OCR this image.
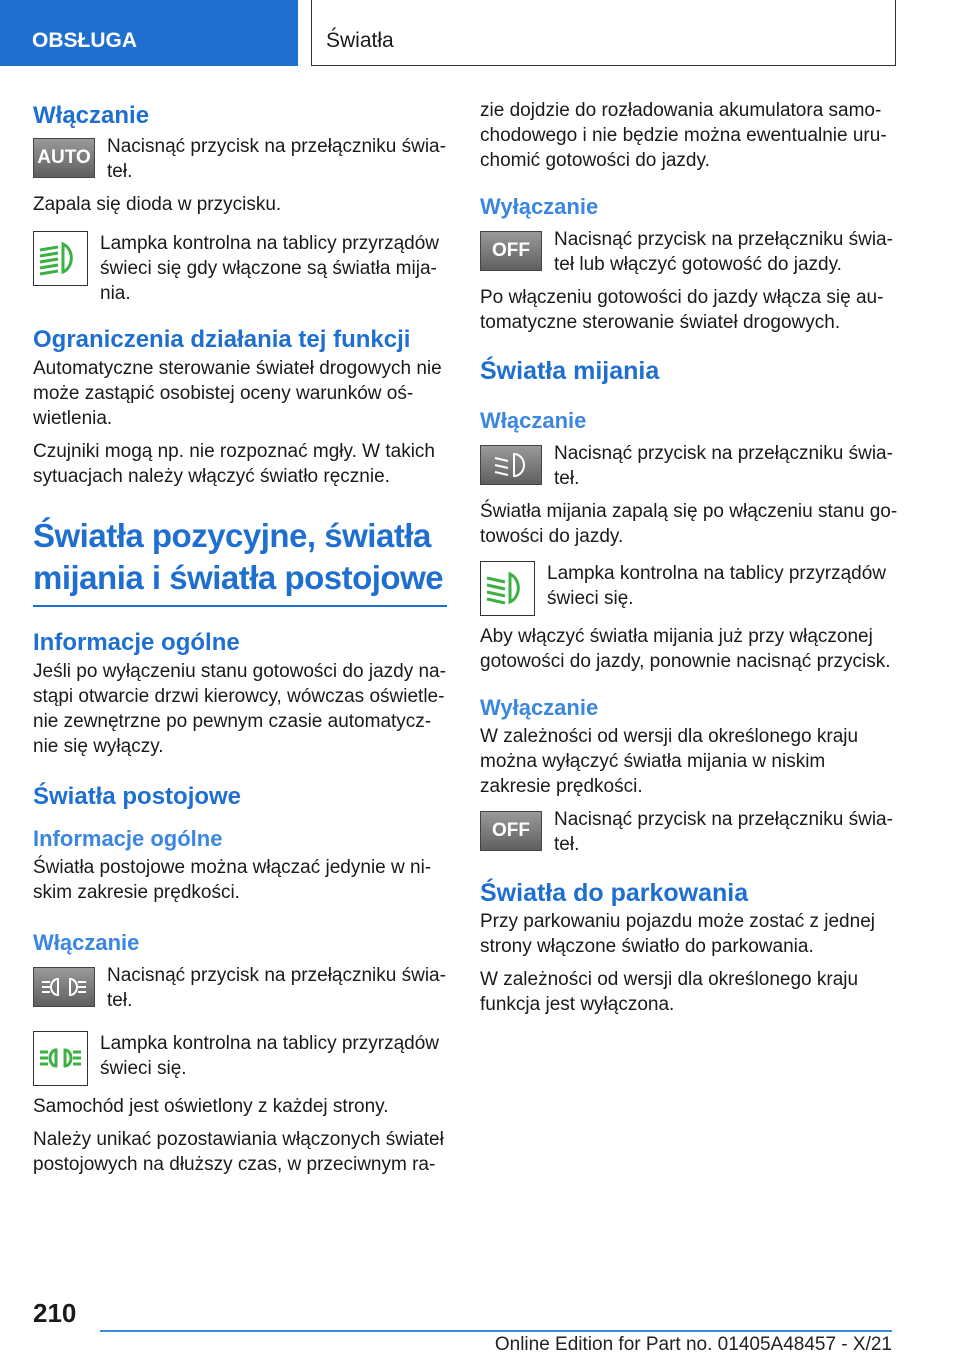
OBSŁUGA	Światła
Włączanie
AUTO

Nacisnąć przycisk na przełączniku świa-teł.

Zapala się dioda w przycisku.

Lampka kontrolna na tablicy przyrządów świeci się gdy włączone są światła mija-nia.

Ograniczenia działania tej funkcji

Automatyczne sterowanie świateł drogowych nie może zastąpić osobistej oceny warunków oś-wietlenia.

Czujniki mogą np. nie rozpoznać mgły. W takich sytuacjach należy włączyć światło ręcznie.

Światła pozycyjne, światła mijania i światła postojowe
Informacje ogólne

Jeśli po wyłączeniu stanu gotowości do jazdy na-stąpi otwarcie drzwi kierowcy, wówczas oświetle-nie zewnętrzne po pewnym czasie automatycz-nie się wyłączy.

Światła postojowe
Informacje ogólne

Światła postojowe można włączać jedynie w ni-skim zakresie prędkości.

Włączanie

Nacisnąć przycisk na przełączniku świa-teł.

Lampka kontrolna na tablicy przyrządów świeci się.

Samochód jest oświetlony z każdej strony.

Należy unikać pozostawiania włączonych świateł postojowych na dłuższy czas, w przeciwnym ra-

zie dojdzie do rozładowania akumulatora samo-chodowego i nie będzie można ewentualnie uru-chomić gotowości do jazdy.

Wyłączanie
OFF

Nacisnąć przycisk na przełączniku świa-teł lub włączyć gotowość do jazdy.

Po włączeniu gotowości do jazdy włącza się au-tomatyczne sterowanie świateł drogowych.

Światła mijania
Włączanie

Nacisnąć przycisk na przełączniku świa-teł.

Światła mijania zapalą się po włączeniu stanu go-towości do jazdy.

Lampka kontrolna na tablicy przyrządów świeci się.

Aby włączyć światła mijania już przy włączonej gotowości do jazdy, ponownie nacisnąć przycisk.

Wyłączanie

W zależności od wersji dla określonego kraju można wyłączyć światła mijania w niskim zakresie prędkości.

OFF

Nacisnąć przycisk na przełączniku świa-teł.

Światła do parkowania

Przy parkowaniu pojazdu może zostać z jednej strony włączone światło do parkowania.

W zależności od wersji dla określonego kraju funkcja jest wyłączona.

210
Online Edition for Part no. 01405A48457 - X/21
